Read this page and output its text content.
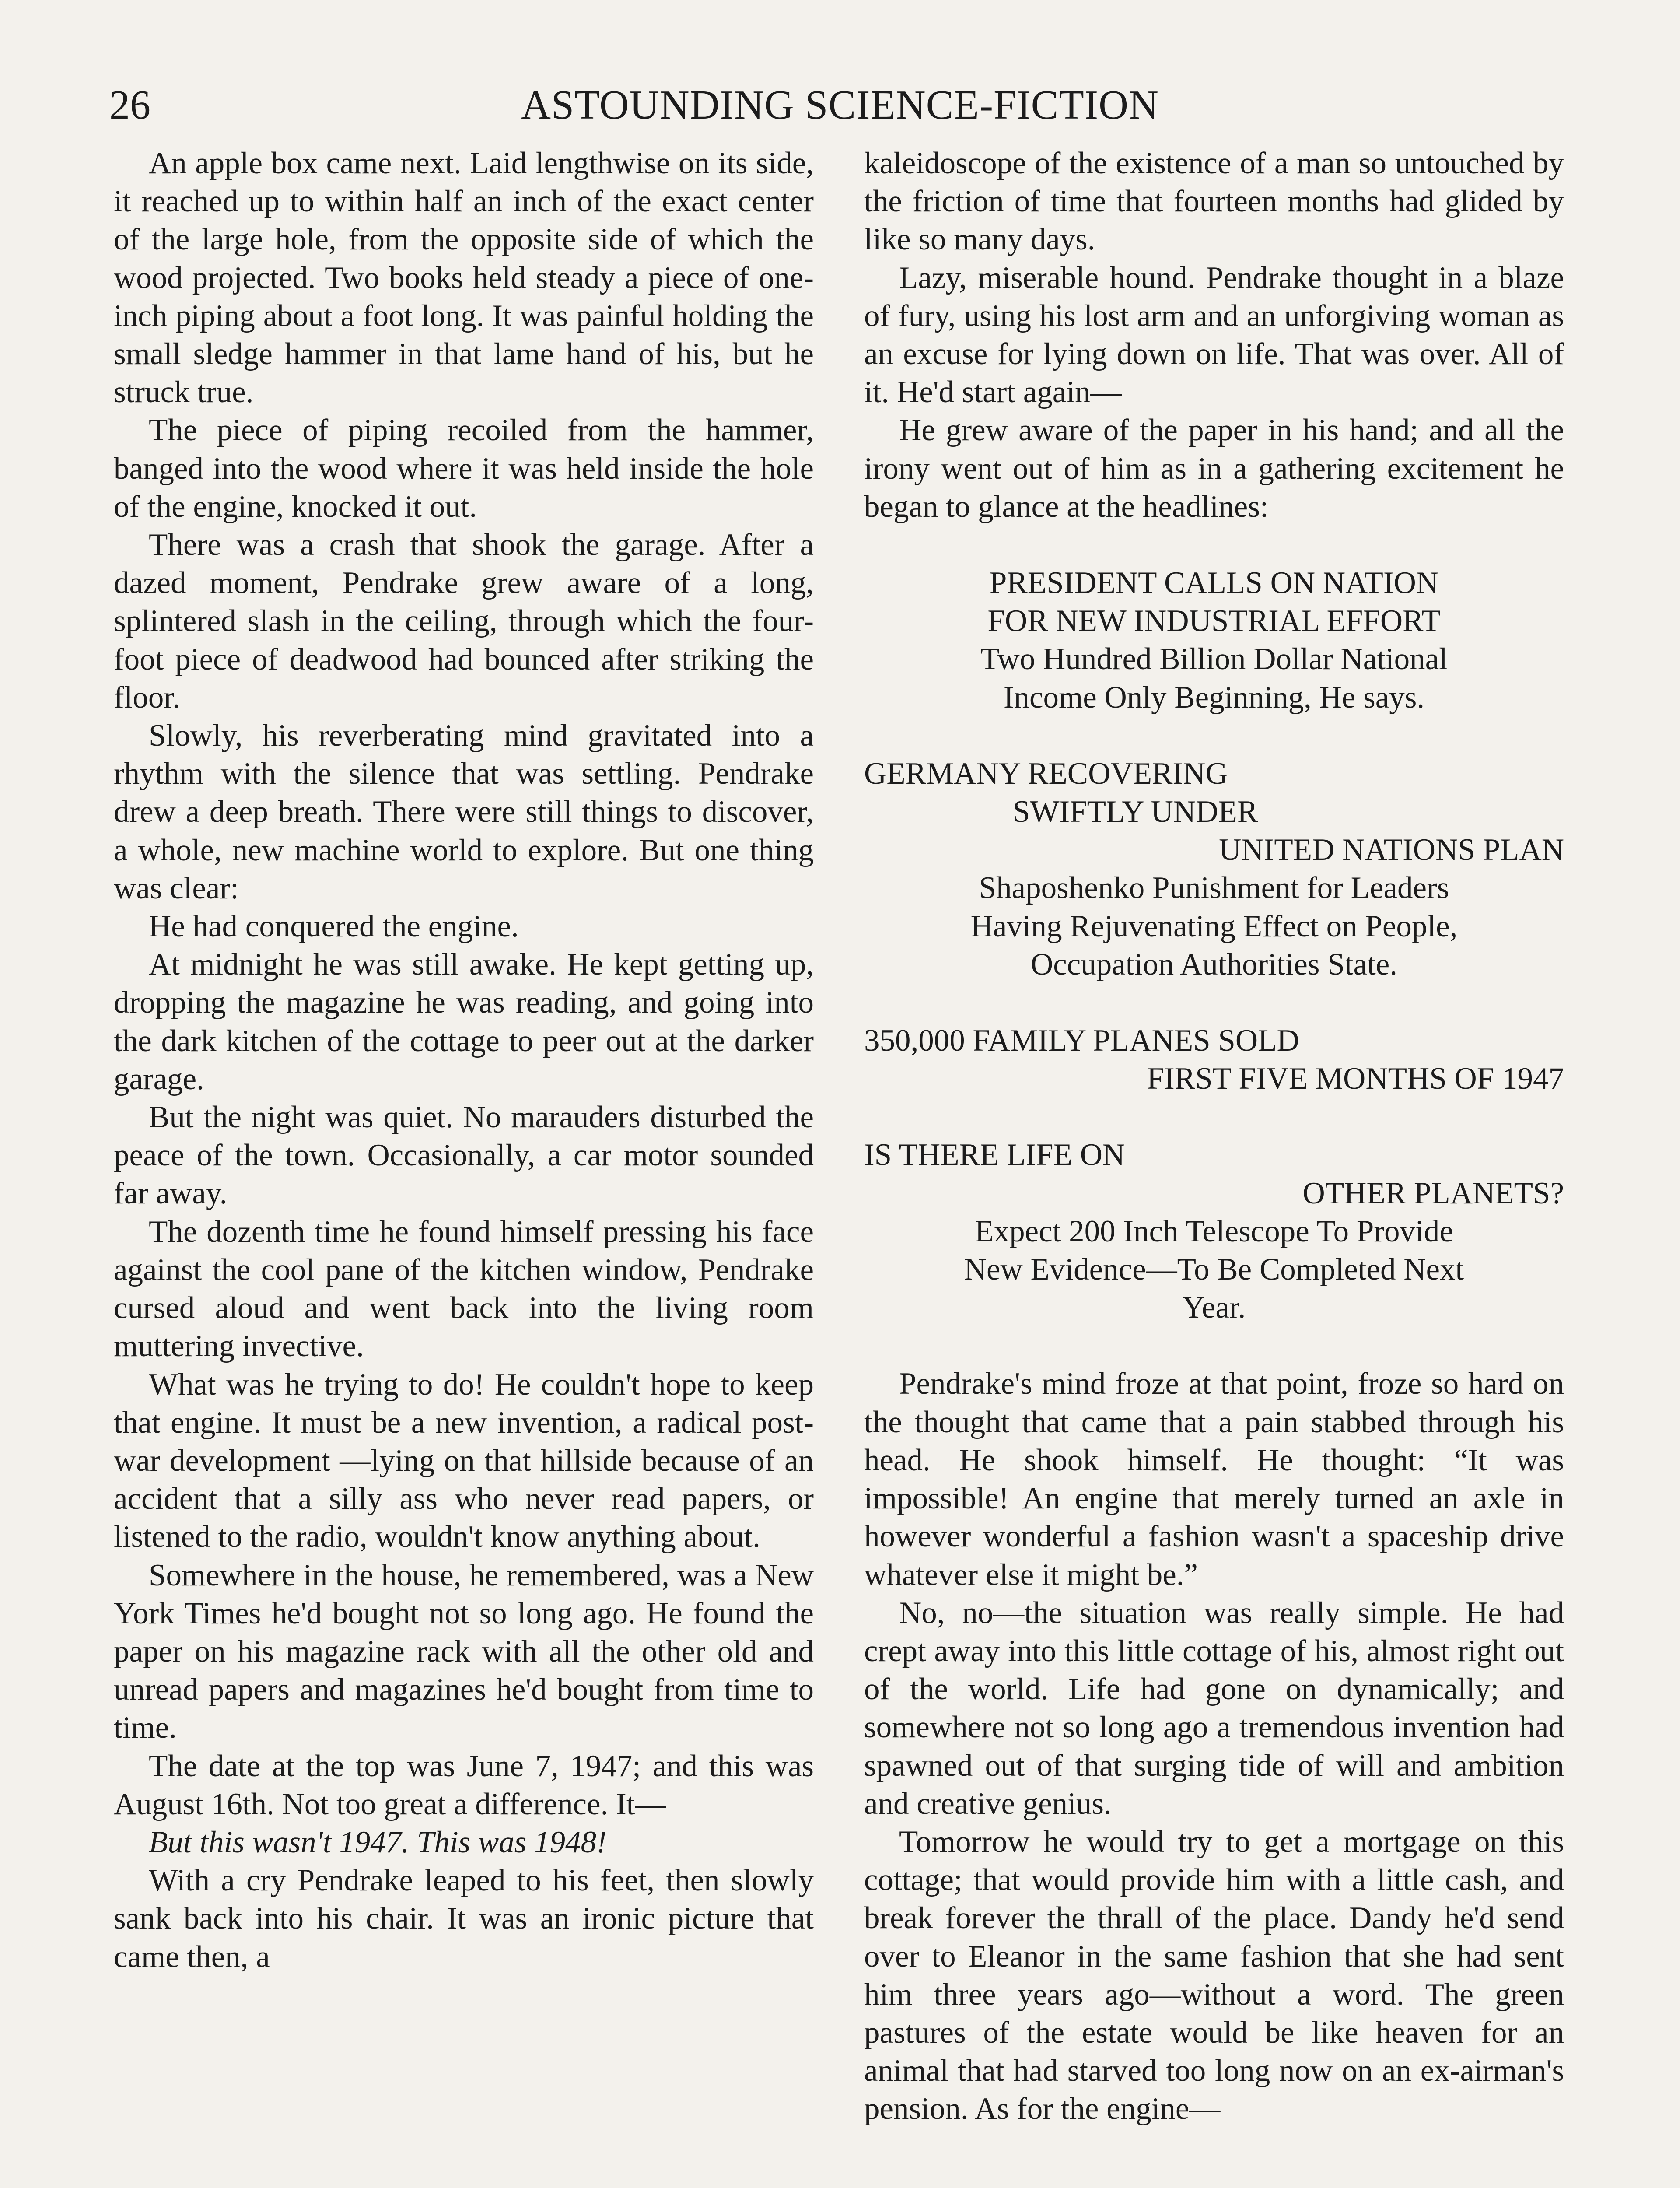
26	ASTOUNDING SCIENCE-FICTION

An apple box came next. Laid lengthwise on its side, it reached up to within half an inch of the exact center of the large hole, from the opposite side of which the wood projected. Two books held steady a piece of one-inch piping about a foot long. It was painful holding the small sledge hammer in that lame hand of his, but he struck true.

The piece of piping recoiled from the hammer, banged into the wood where it was held inside the hole of the engine, knocked it out.

There was a crash that shook the garage. After a dazed moment, Pendrake grew aware of a long, splintered slash in the ceiling, through which the four-foot piece of deadwood had bounced after striking the floor.

Slowly, his reverberating mind gravitated into a rhythm with the silence that was settling. Pendrake drew a deep breath. There were still things to discover, a whole, new machine world to explore. But one thing was clear:

He had conquered the engine.

At midnight he was still awake. He kept getting up, dropping the magazine he was reading, and going into the dark kitchen of the cottage to peer out at the darker garage.

But the night was quiet. No marauders disturbed the peace of the town. Occasionally, a car motor sounded far away.

The dozenth time he found himself pressing his face against the cool pane of the kitchen window, Pendrake cursed aloud and went back into the living room muttering invective.

What was he trying to do! He couldn't hope to keep that engine. It must be a new invention, a radical post-war development —lying on that hillside because of an accident that a silly ass who never read papers, or listened to the radio, wouldn't know anything about.

Somewhere in the house, he remembered, was a New York Times he'd bought not so long ago. He found the paper on his magazine rack with all the other old and unread papers and magazines he'd bought from time to time.

The date at the top was June 7, 1947; and this was August 16th. Not too great a difference. It—

But this wasn't 1947. This was 1948!

With a cry Pendrake leaped to his feet, then slowly sank back into his chair. It was an ironic picture that came then, a

kaleidoscope of the existence of a man so untouched by the friction of time that fourteen months had glided by like so many days.

Lazy, miserable hound. Pendrake thought in a blaze of fury, using his lost arm and an unforgiving woman as an excuse for lying down on life. That was over. All of it. He'd start again—

He grew aware of the paper in his hand; and all the irony went out of him as in a gathering excitement he began to glance at the headlines:

PRESIDENT CALLS ON NATION

FOR NEW INDUSTRIAL EFFORT

Two Hundred Billion Dollar National

Income Only Beginning, He says.

GERMANY RECOVERING

SWIFTLY UNDER

UNITED NATIONS PLAN

Shaposhenko Punishment for Leaders

Having Rejuvenating Effect on People,

Occupation Authorities State.

350,000 FAMILY PLANES SOLD

FIRST FIVE MONTHS OF 1947

IS THERE LIFE ON

OTHER PLANETS?

Expect 200 Inch Telescope To Provide

New Evidence—To Be Completed Next

Year.

Pendrake's mind froze at that point, froze so hard on the thought that came that a pain stabbed through his head. He shook himself. He thought: “It was impossible! An engine that merely turned an axle in however wonderful a fashion wasn't a spaceship drive whatever else it might be.”

No, no—the situation was really simple. He had crept away into this little cottage of his, almost right out of the world. Life had gone on dynamically; and somewhere not so long ago a tremendous invention had spawned out of that surging tide of will and ambition and creative genius.

Tomorrow he would try to get a mortgage on this cottage; that would provide him with a little cash, and break forever the thrall of the place. Dandy he'd send over to Eleanor in the same fashion that she had sent him three years ago—without a word. The green pastures of the estate would be like heaven for an animal that had starved too long now on an ex-airman's pension. As for the engine—
